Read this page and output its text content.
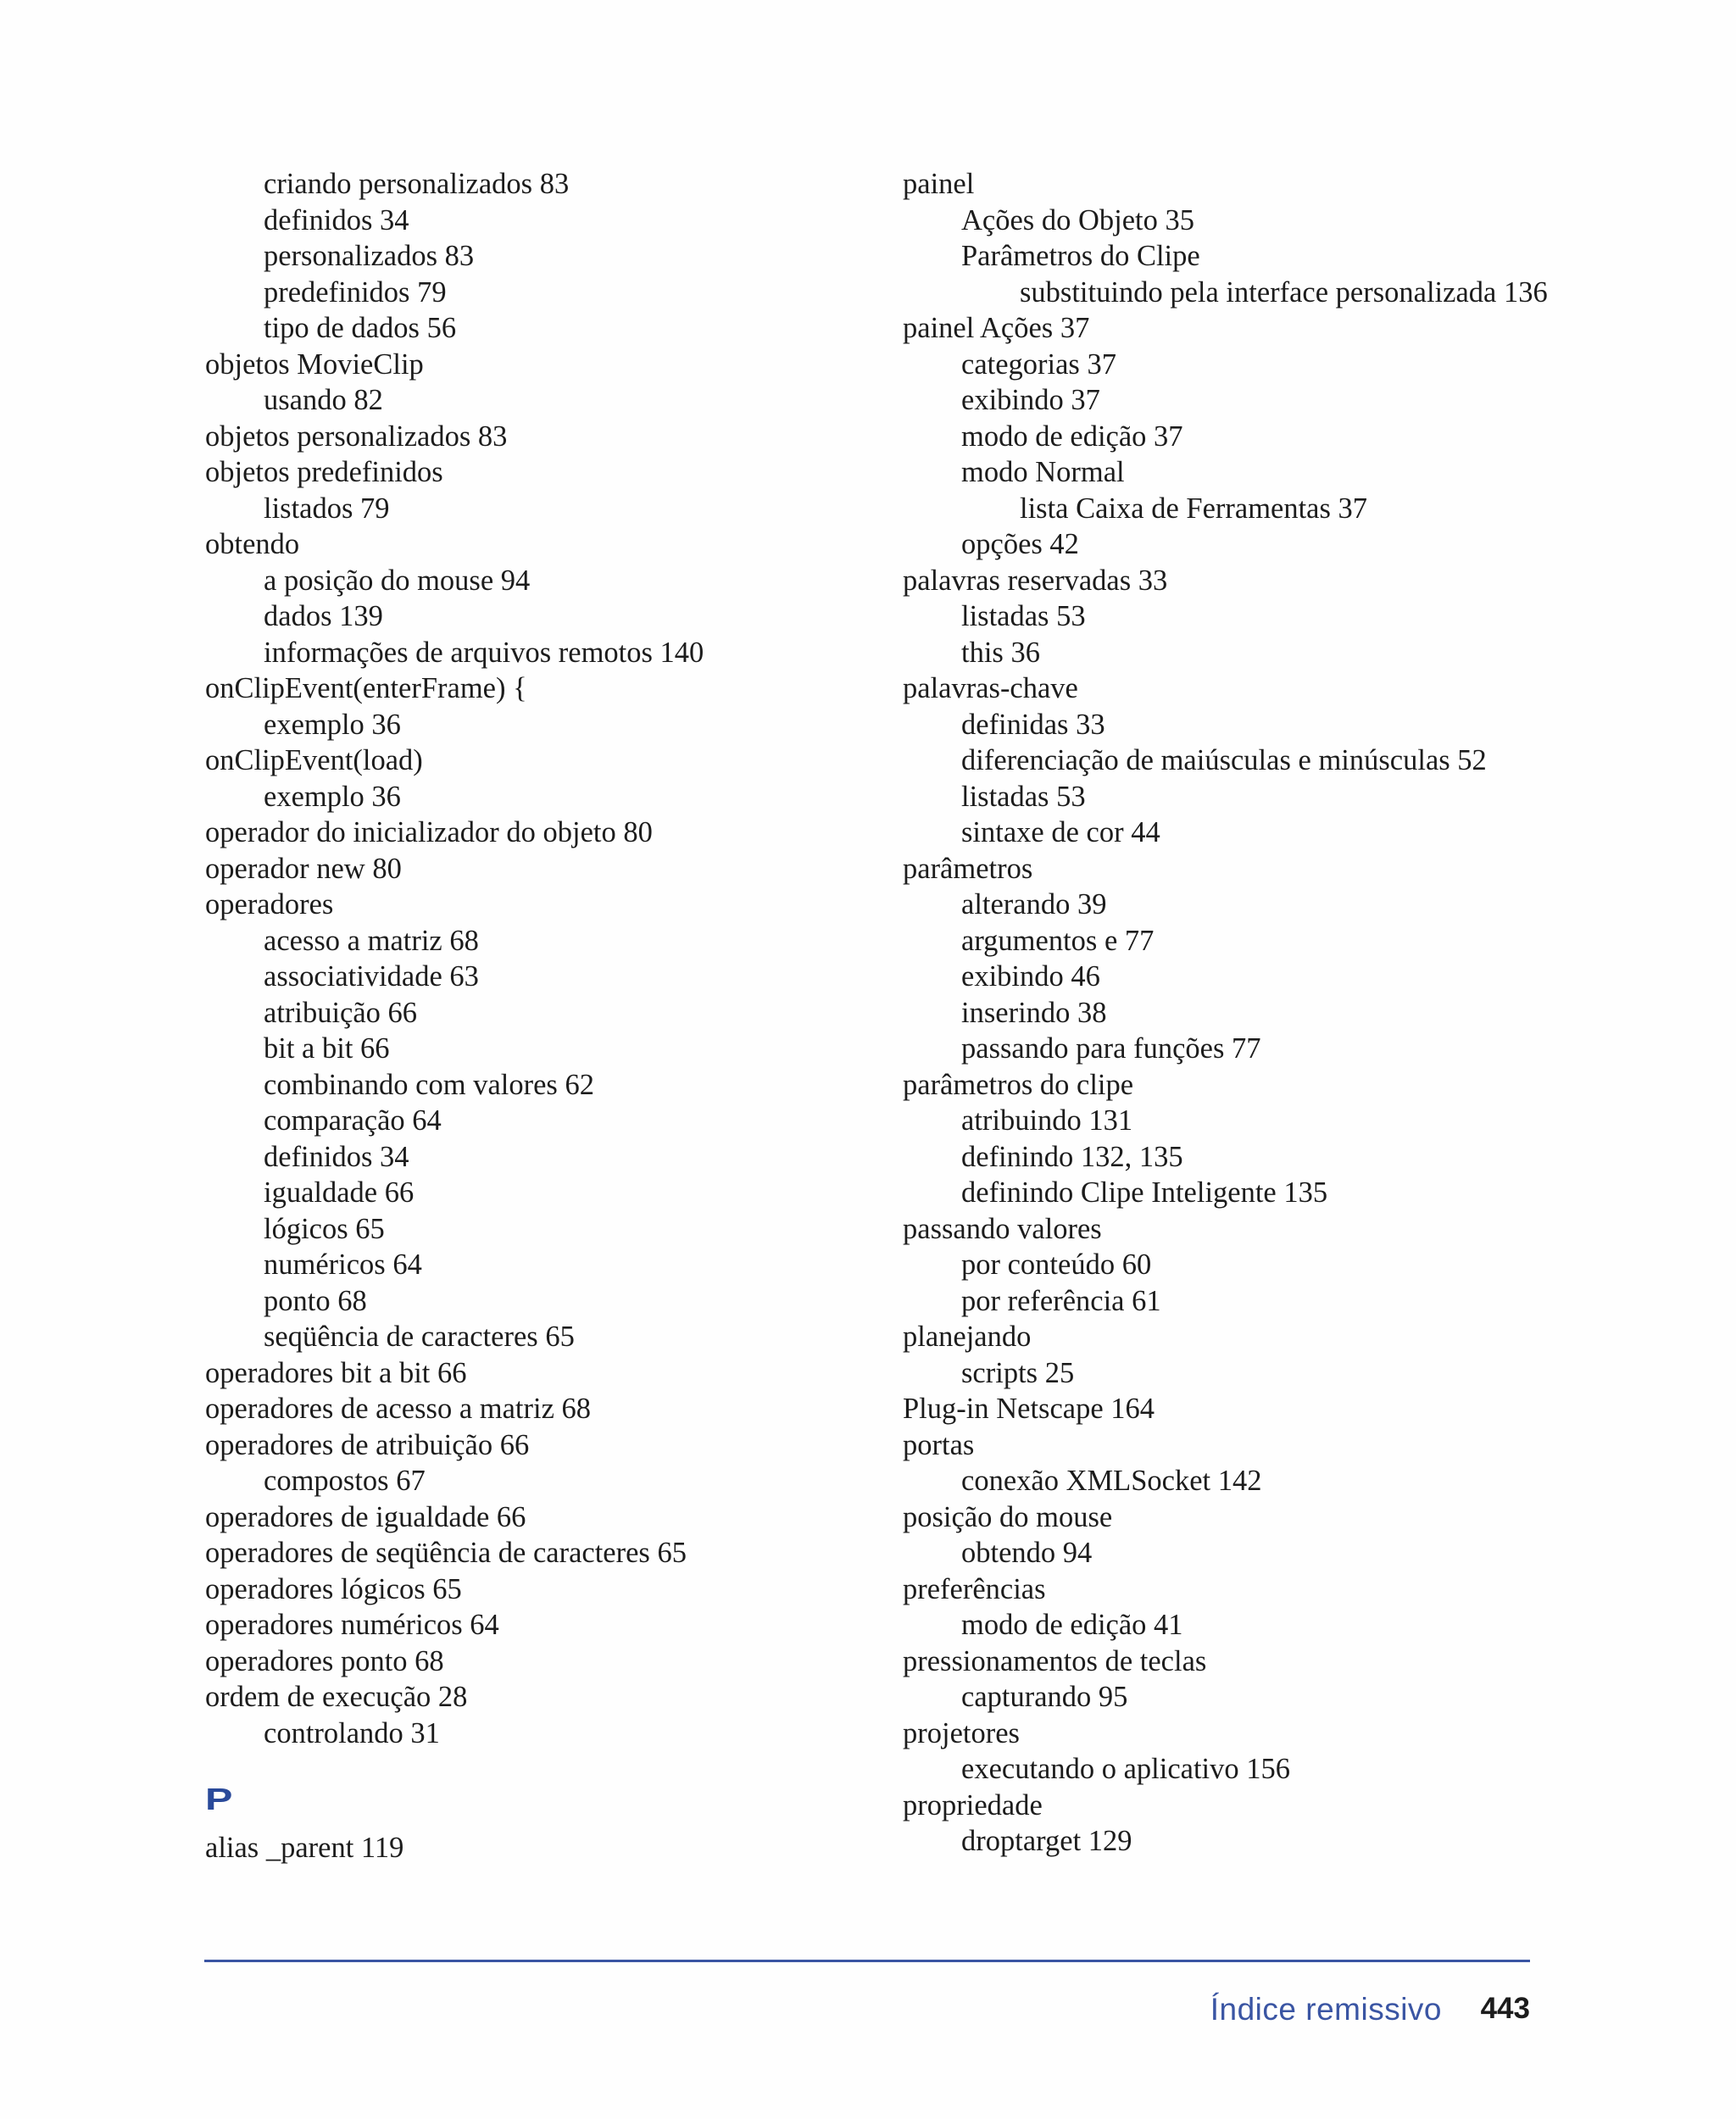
criando personalizados 83
definidos 34
personalizados 83
predefinidos 79
tipo de dados 56
objetos MovieClip
usando 82
objetos personalizados 83
objetos predefinidos
listados 79
obtendo
a posição do mouse 94
dados 139
informações de arquivos remotos 140
onClipEvent(enterFrame) {
exemplo 36
onClipEvent(load)
exemplo 36
operador do inicializador do objeto 80
operador new 80
operadores
acesso a matriz 68
associatividade 63
atribuição 66
bit a bit 66
combinando com valores 62
comparação 64
definidos 34
igualdade 66
lógicos 65
numéricos 64
ponto 68
seqüência de caracteres 65
operadores bit a bit 66
operadores de acesso a matriz 68
operadores de atribuição 66
compostos 67
operadores de igualdade 66
operadores de seqüência de caracteres 65
operadores lógicos 65
operadores numéricos 64
operadores ponto 68
ordem de execução 28
controlando 31
P
alias _parent 119
painel
Ações do Objeto 35
Parâmetros do Clipe
substituindo pela interface personalizada 136
painel Ações 37
categorias 37
exibindo 37
modo de edição 37
modo Normal
lista Caixa de Ferramentas 37
opções 42
palavras reservadas 33
listadas 53
this 36
palavras-chave
definidas 33
diferenciação de maiúsculas e minúsculas 52
listadas 53
sintaxe de cor 44
parâmetros
alterando 39
argumentos e 77
exibindo 46
inserindo 38
passando para funções 77
parâmetros do clipe
atribuindo 131
definindo 132, 135
definindo Clipe Inteligente 135
passando valores
por conteúdo 60
por referência 61
planejando
scripts 25
Plug-in Netscape 164
portas
conexão XMLSocket 142
posição do mouse
obtendo 94
preferências
modo de edição 41
pressionamentos de teclas
capturando 95
projetores
executando o aplicativo 156
propriedade
droptarget 129
Índice remissivo 443
